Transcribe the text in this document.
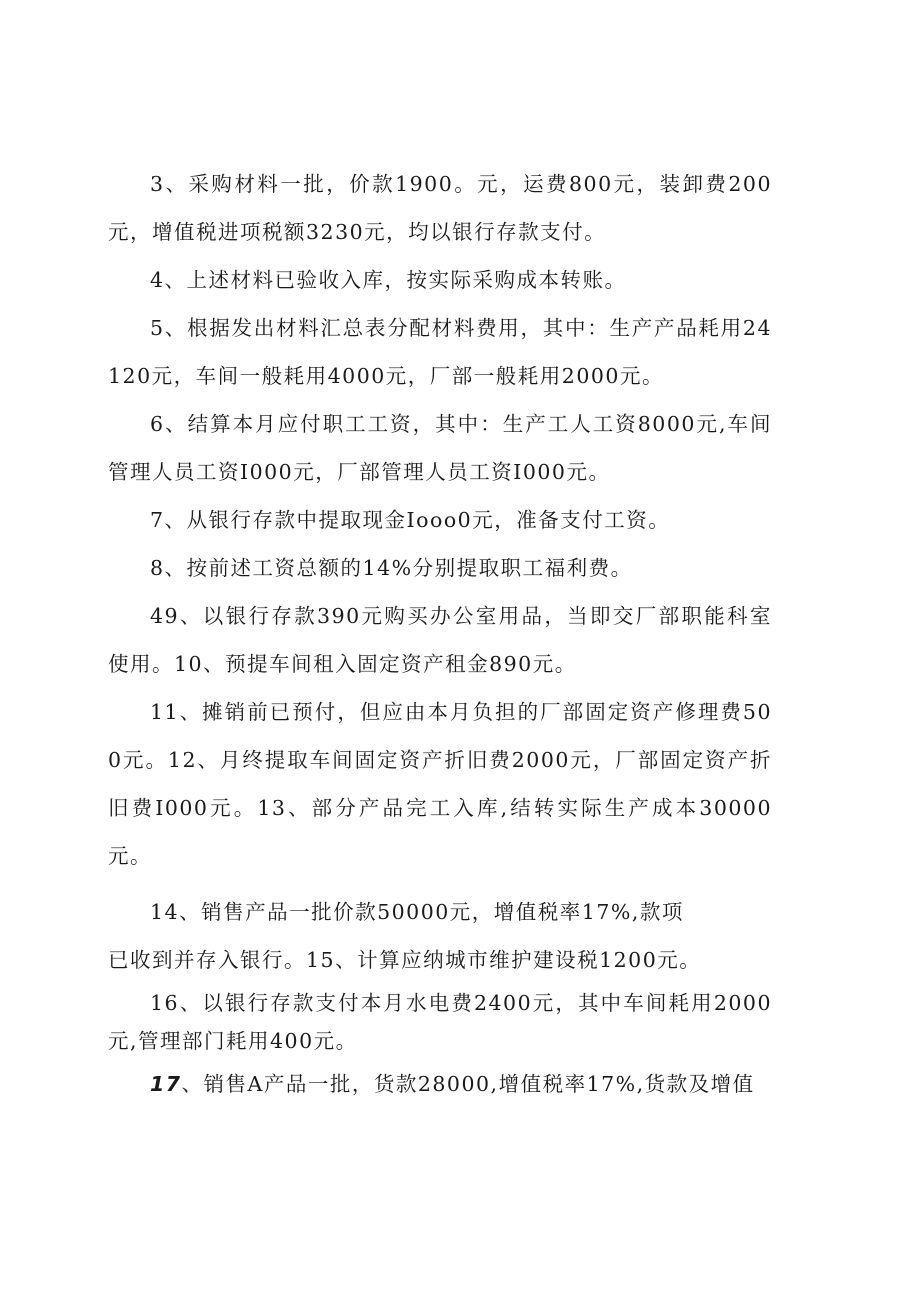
3、采购材料一批，价款1900。元，运费800元，装卸费200元，增值税进项税额3230元，均以银行存款支付。

4、上述材料已验收入库，按实际采购成本转账。

5、根据发出材料汇总表分配材料费用，其中：生产产品耗用24120元，车间一般耗用4000元，厂部一般耗用2000元。

6、结算本月应付职工工资，其中：生产工人工资8000元,车间管理人员工资I000元，厂部管理人员工资I000元。

7、从银行存款中提取现金Iooo0元，准备支付工资。

8、按前述工资总额的14%分别提取职工福利费。

49、以银行存款390元购买办公室用品，当即交厂部职能科室使用。10、预提车间租入固定资产租金890元。

11、摊销前已预付，但应由本月负担的厂部固定资产修理费500元。12、月终提取车间固定资产折旧费2000元，厂部固定资产折旧费I000元。13、部分产品完工入库,结转实际生产成本30000元。

14、销售产品一批价款50000元，增值税率17%,款项

已收到并存入银行。15、计算应纳城市维护建设税1200元。

16、以银行存款支付本月水电费2400元，其中车间耗用2000元,管理部门耗用400元。

17、销售A产品一批，货款28000,增值税率17%,货款及增值
